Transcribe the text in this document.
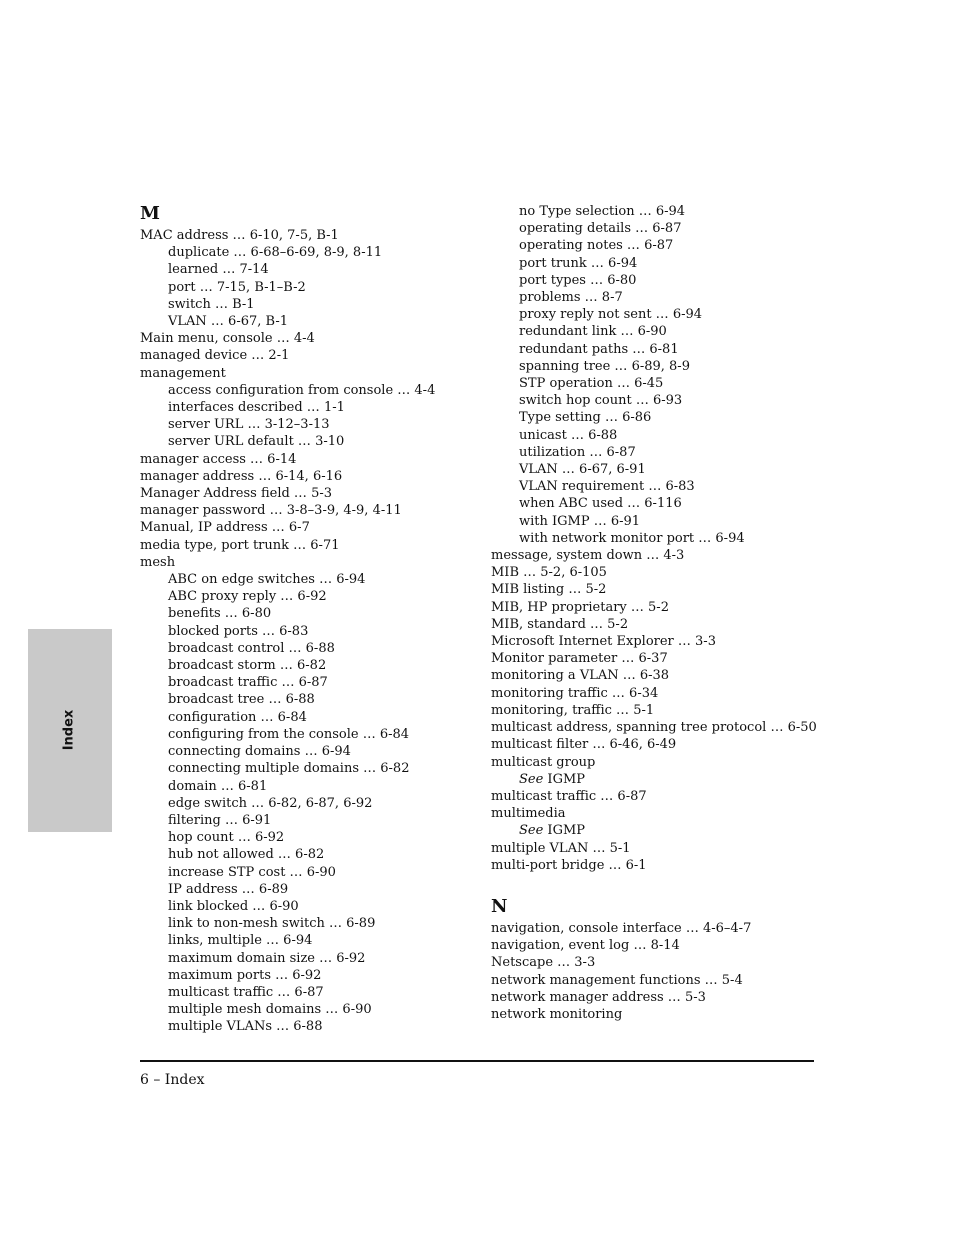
Index
M
MAC address … 6-10, 7-5, B-1
duplicate … 6-68–6-69, 8-9, 8-11
learned … 7-14
port … 7-15, B-1–B-2
switch … B-1
VLAN … 6-67, B-1
Main menu, console … 4-4
managed device … 2-1
management
access configuration from console … 4-4
interfaces described … 1-1
server URL … 3-12–3-13
server URL default … 3-10
manager access … 6-14
manager address … 6-14, 6-16
Manager Address field … 5-3
manager password … 3-8–3-9, 4-9, 4-11
Manual, IP address … 6-7
media type, port trunk … 6-71
mesh
ABC on edge switches … 6-94
ABC proxy reply … 6-92
benefits … 6-80
blocked ports … 6-83
broadcast control … 6-88
broadcast storm … 6-82
broadcast traffic … 6-87
broadcast tree … 6-88
configuration … 6-84
configuring from the console … 6-84
connecting domains … 6-94
connecting multiple domains … 6-82
domain … 6-81
edge switch … 6-82, 6-87, 6-92
filtering … 6-91
hop count … 6-92
hub not allowed … 6-82
increase STP cost … 6-90
IP address … 6-89
link blocked … 6-90
link to non-mesh switch … 6-89
links, multiple … 6-94
maximum domain size … 6-92
maximum ports … 6-92
multicast traffic … 6-87
multiple mesh domains … 6-90
multiple VLANs … 6-88
no Type selection … 6-94
operating details … 6-87
operating notes … 6-87
port trunk … 6-94
port types … 6-80
problems … 8-7
proxy reply not sent … 6-94
redundant link … 6-90
redundant paths … 6-81
spanning tree … 6-89, 8-9
STP operation … 6-45
switch hop count … 6-93
Type setting … 6-86
unicast … 6-88
utilization … 6-87
VLAN … 6-67, 6-91
VLAN requirement … 6-83
when ABC used … 6-116
with IGMP … 6-91
with network monitor port … 6-94
message, system down … 4-3
MIB … 5-2, 6-105
MIB listing … 5-2
MIB, HP proprietary … 5-2
MIB, standard … 5-2
Microsoft Internet Explorer … 3-3
Monitor parameter … 6-37
monitoring a VLAN … 6-38
monitoring traffic … 6-34
monitoring, traffic … 5-1
multicast address, spanning tree protocol … 6-50
multicast filter … 6-46, 6-49
multicast group
See IGMP
multicast traffic … 6-87
multimedia
See IGMP
multiple VLAN … 5-1
multi-port bridge … 6-1
N
navigation, console interface … 4-6–4-7
navigation, event log … 8-14
Netscape … 3-3
network management functions … 5-4
network manager address … 5-3
network monitoring
6 – Index
